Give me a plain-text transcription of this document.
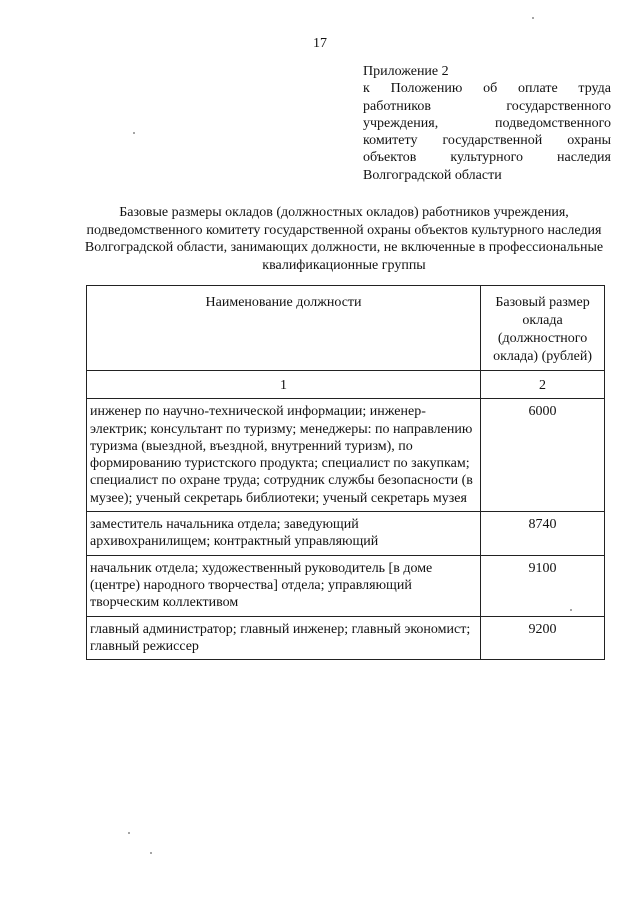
17
Приложение 2
к Положению об оплате труда
работников государственного
учреждения, подведомственного
комитету государственной охраны
объектов культурного наследия
Волгоградской области
Базовые размеры окладов (должностных окладов) работников учреждения, подведомственного комитету государственной охраны объектов культурного наследия Волгоградской области, занимающих должности, не включенные в профессиональные квалификационные группы
Наименование должности	Базовый размер оклада (должностного оклада) (рублей)
1	2
инженер по научно-технической информации; инженер-электрик; консультант по туризму; менеджеры: по направлению туризма (выездной, въездной, внутренний туризм), по формированию туристского продукта; специалист по закупкам; специалист по охране труда; сотрудник службы безопасности (в музее); ученый секретарь библиотеки; ученый секретарь музея	6000
заместитель начальника отдела; заведующий архивохранилищем; контрактный управляющий	8740
начальник отдела; художественный руководитель [в доме (центре) народного творчества] отдела; управляющий творческим коллективом	9100
главный администратор; главный инженер; главный экономист; главный режиссер	9200
